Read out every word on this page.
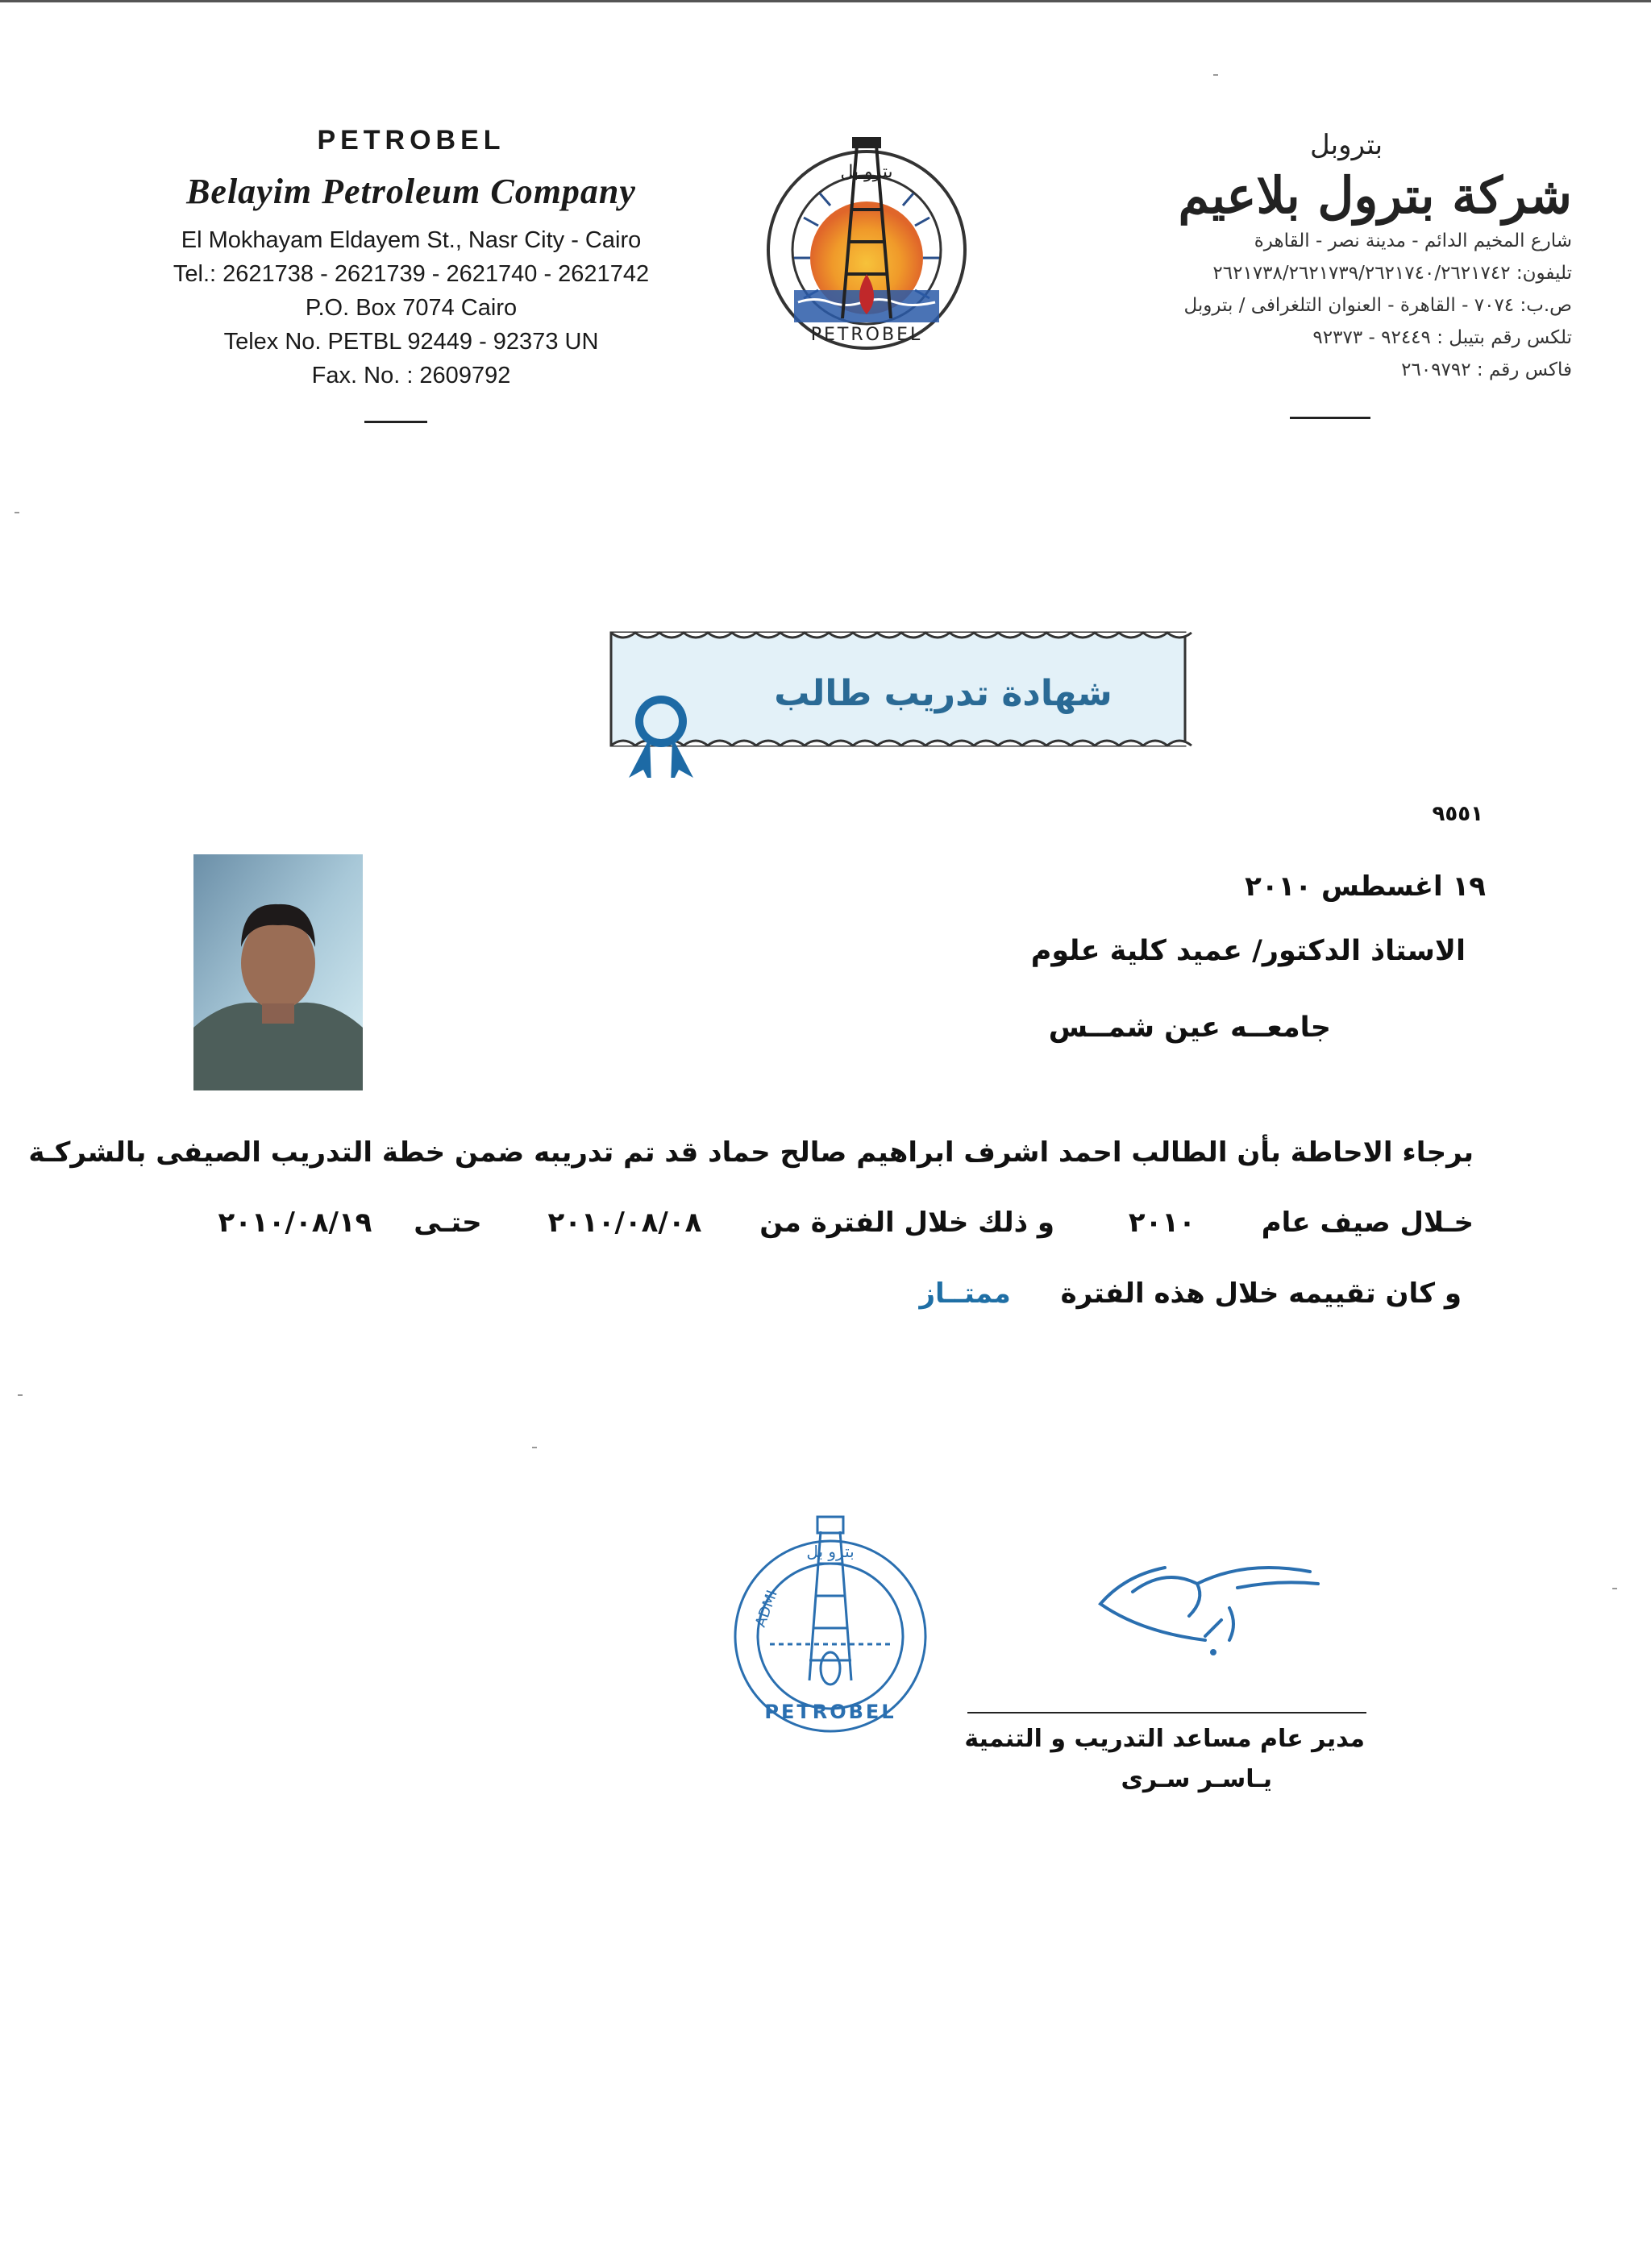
PETROBEL
Belayim Petroleum Company
El Mokhayam Eldayem St., Nasr City - Cairo
Tel.: 2621738 - 2621739 - 2621740 - 2621742
P.O. Box 7074 Cairo
Telex No. PETBL 92449 - 92373 UN
Fax. No. : 2609792
PETROBEL
بترو بل
بتروبل
شركة بترول بلاعيم
شارع المخيم الدائم - مدينة نصر - القاهرة
تليفون: ٢٦٢١٧٣٨/٢٦٢١٧٣٩/٢٦٢١٧٤٠/٢٦٢١٧٤٢
ص.ب: ٧٠٧٤ - القاهرة - العنوان التلغرافى / بتروبل
تلكس رقم بتيبل : ٩٢٤٤٩ - ٩٢٣٧٣
فاكس رقم : ٢٦٠٩٧٩٢
شهادة تدريب طالب
٩٥٥١
١٩ اغسطس ٢٠١٠
الاستاذ الدكتور/ عميد كلية علوم
جامعــه عين شمــس
برجاء الاحاطة بأن الطالب احمد اشرف ابراهيم صالح حماد قد تم تدريبه ضمن خطة التدريب الصيفى بالشركـة
خـلال صيف عام ٢٠١٠ و ذلك خلال الفترة من ٢٠١٠/٠٨/٠٨ حتـى ٢٠١٠/٠٨/١٩
و كان تقييمه خلال هذه الفترة ممتــاز
بترو بل
ADMI
PETROBEL
مدير عام مساعد التدريب و التنمية
يـاسـر سـرى
